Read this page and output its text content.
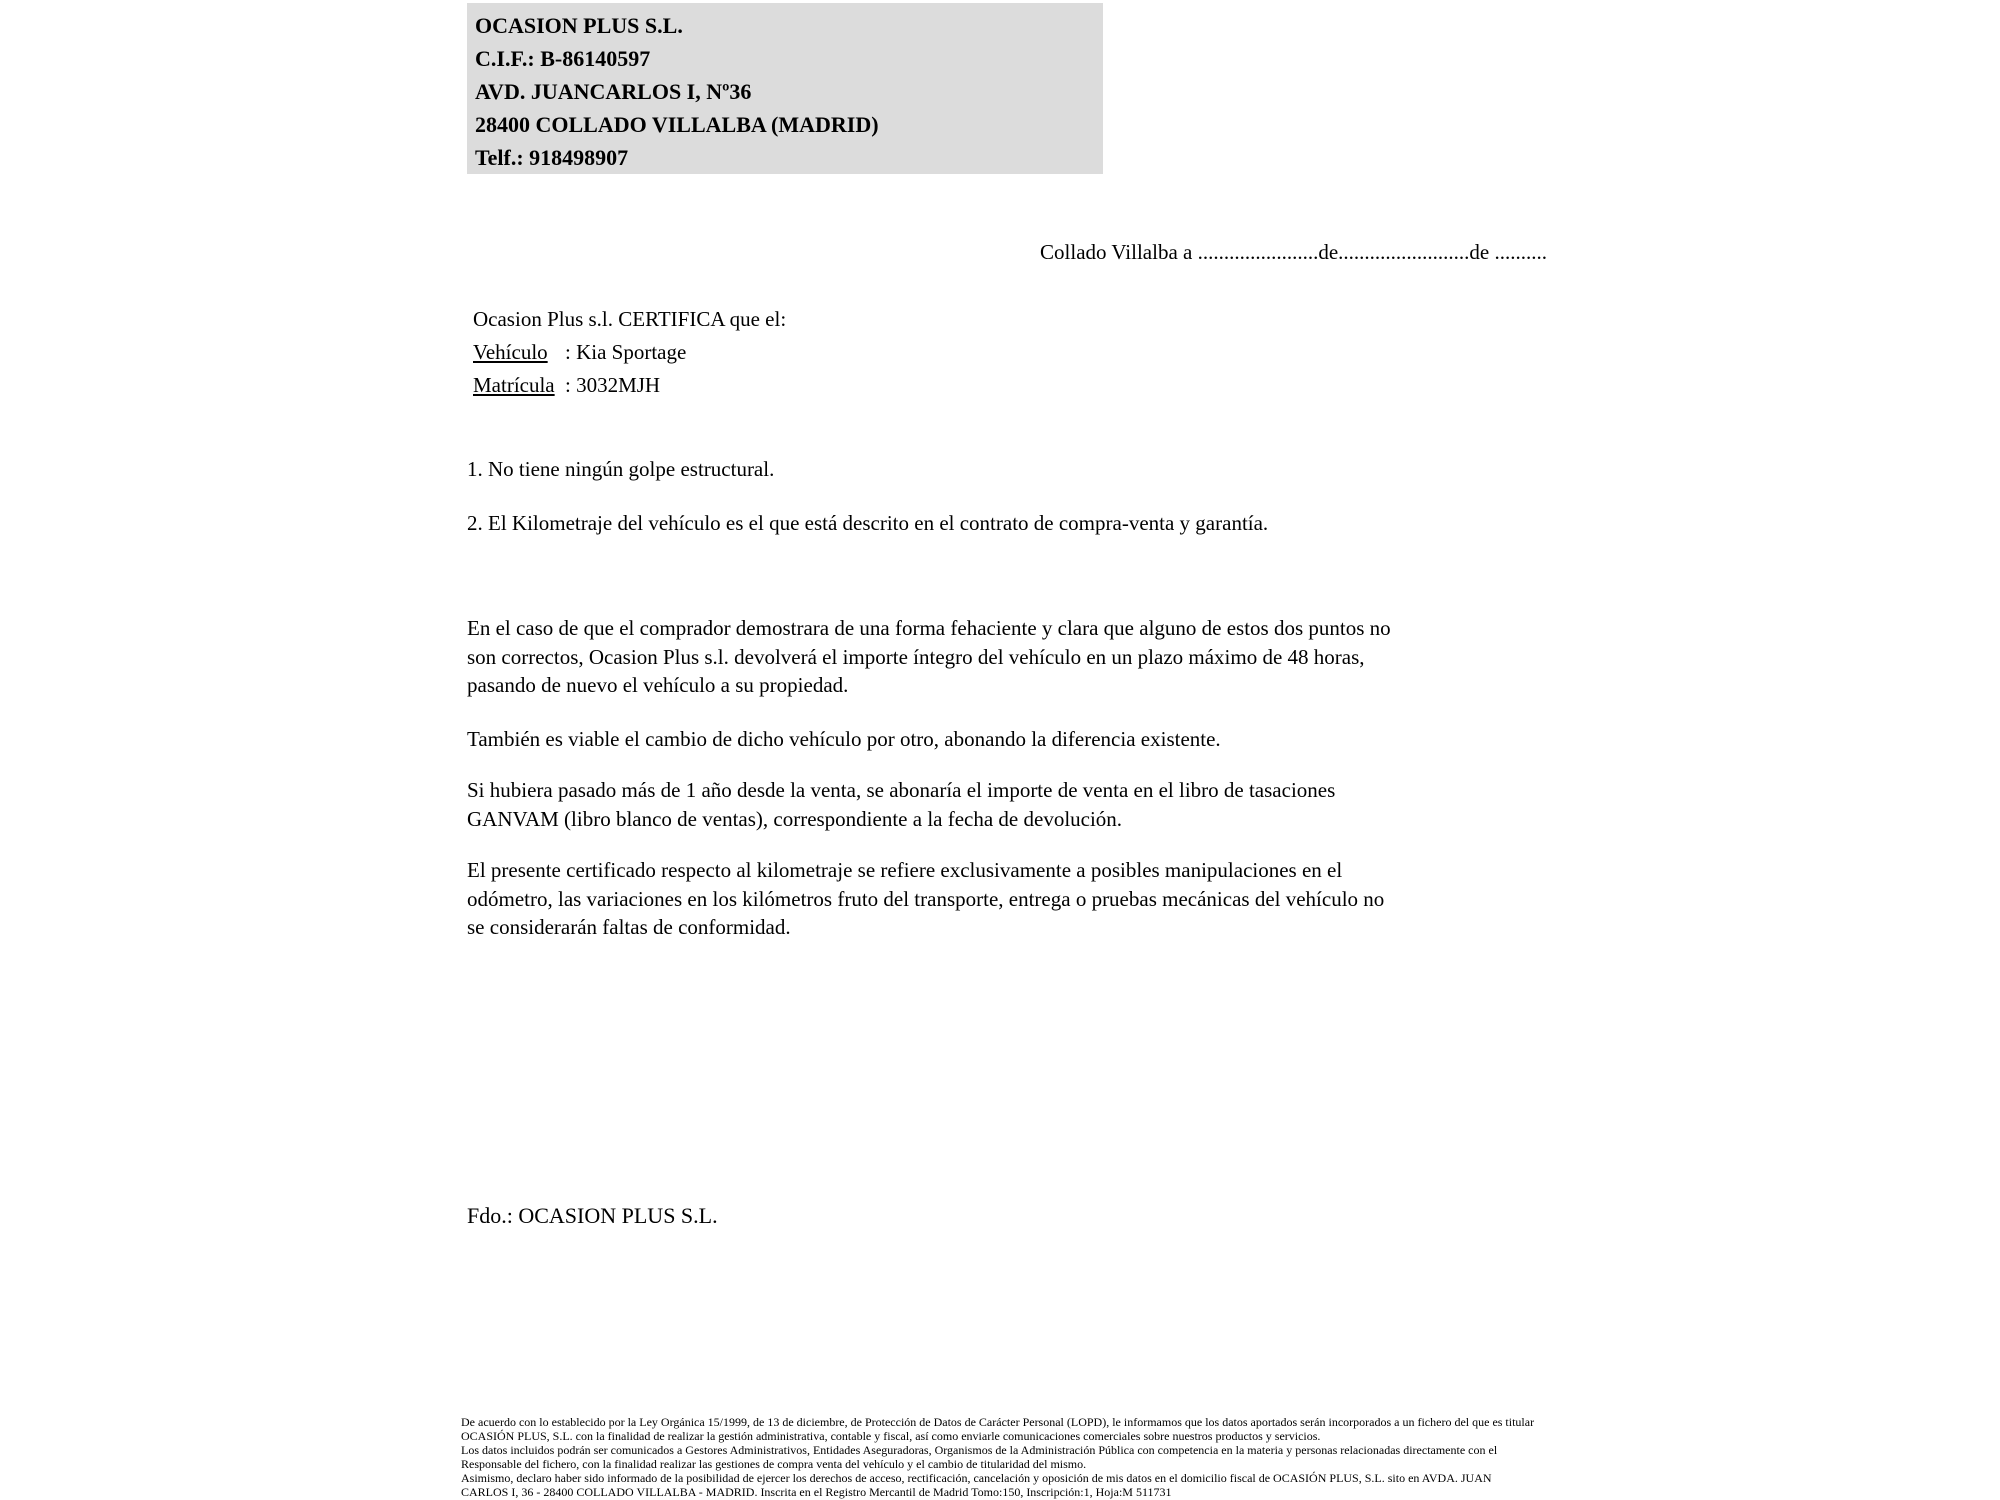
OCASION PLUS S.L.
C.I.F.: B-86140597
AVD. JUANCARLOS I, Nº36
28400 COLLADO VILLALBA (MADRID)
Telf.: 918498907
Collado Villalba a .......................de.........................de ..........
Ocasion Plus s.l. CERTIFICA que el:
Vehículo : Kia Sportage
Matrícula : 3032MJH
1. No tiene ningún golpe estructural.
2. El Kilometraje del vehículo es el que está descrito en el contrato de compra-venta y garantía.
En el caso de que el comprador demostrara de una forma fehaciente y clara que alguno de estos dos puntos no
son correctos, Ocasion Plus s.l. devolverá el importe íntegro del vehículo en un plazo máximo de 48 horas,
pasando de nuevo el vehículo a su propiedad.
También es viable el cambio de dicho vehículo por otro, abonando la diferencia existente.
Si hubiera pasado más de 1 año desde la venta, se abonaría el importe de venta en el libro de tasaciones
GANVAM (libro blanco de ventas), correspondiente a la fecha de devolución.
El presente certificado respecto al kilometraje se refiere exclusivamente a posibles manipulaciones en el
odómetro, las variaciones en los kilómetros fruto del transporte, entrega o pruebas mecánicas del vehículo no
se considerarán faltas de conformidad.
Fdo.: OCASION PLUS S.L.
De acuerdo con lo establecido por la Ley Orgánica 15/1999, de 13 de diciembre, de Protección de Datos de Carácter Personal (LOPD), le informamos que los datos aportados serán incorporados a un fichero del que es titular
OCASIÓN PLUS, S.L. con la finalidad de realizar la gestión administrativa, contable y fiscal, así como enviarle comunicaciones comerciales sobre nuestros productos y servicios.
Los datos incluidos podrán ser comunicados a Gestores Administrativos, Entidades Aseguradoras, Organismos de la Administración Pública con competencia en la materia y personas relacionadas directamente con el
Responsable del fichero, con la finalidad realizar las gestiones de compra venta del vehículo y el cambio de titularidad del mismo.
Asimismo, declaro haber sido informado de la posibilidad de ejercer los derechos de acceso, rectificación, cancelación y oposición de mis datos en el domicilio fiscal de OCASIÓN PLUS, S.L. sito en AVDA. JUAN
CARLOS I, 36 - 28400 COLLADO VILLALBA - MADRID. Inscrita en el Registro Mercantil de Madrid Tomo:150, Inscripción:1, Hoja:M 511731
